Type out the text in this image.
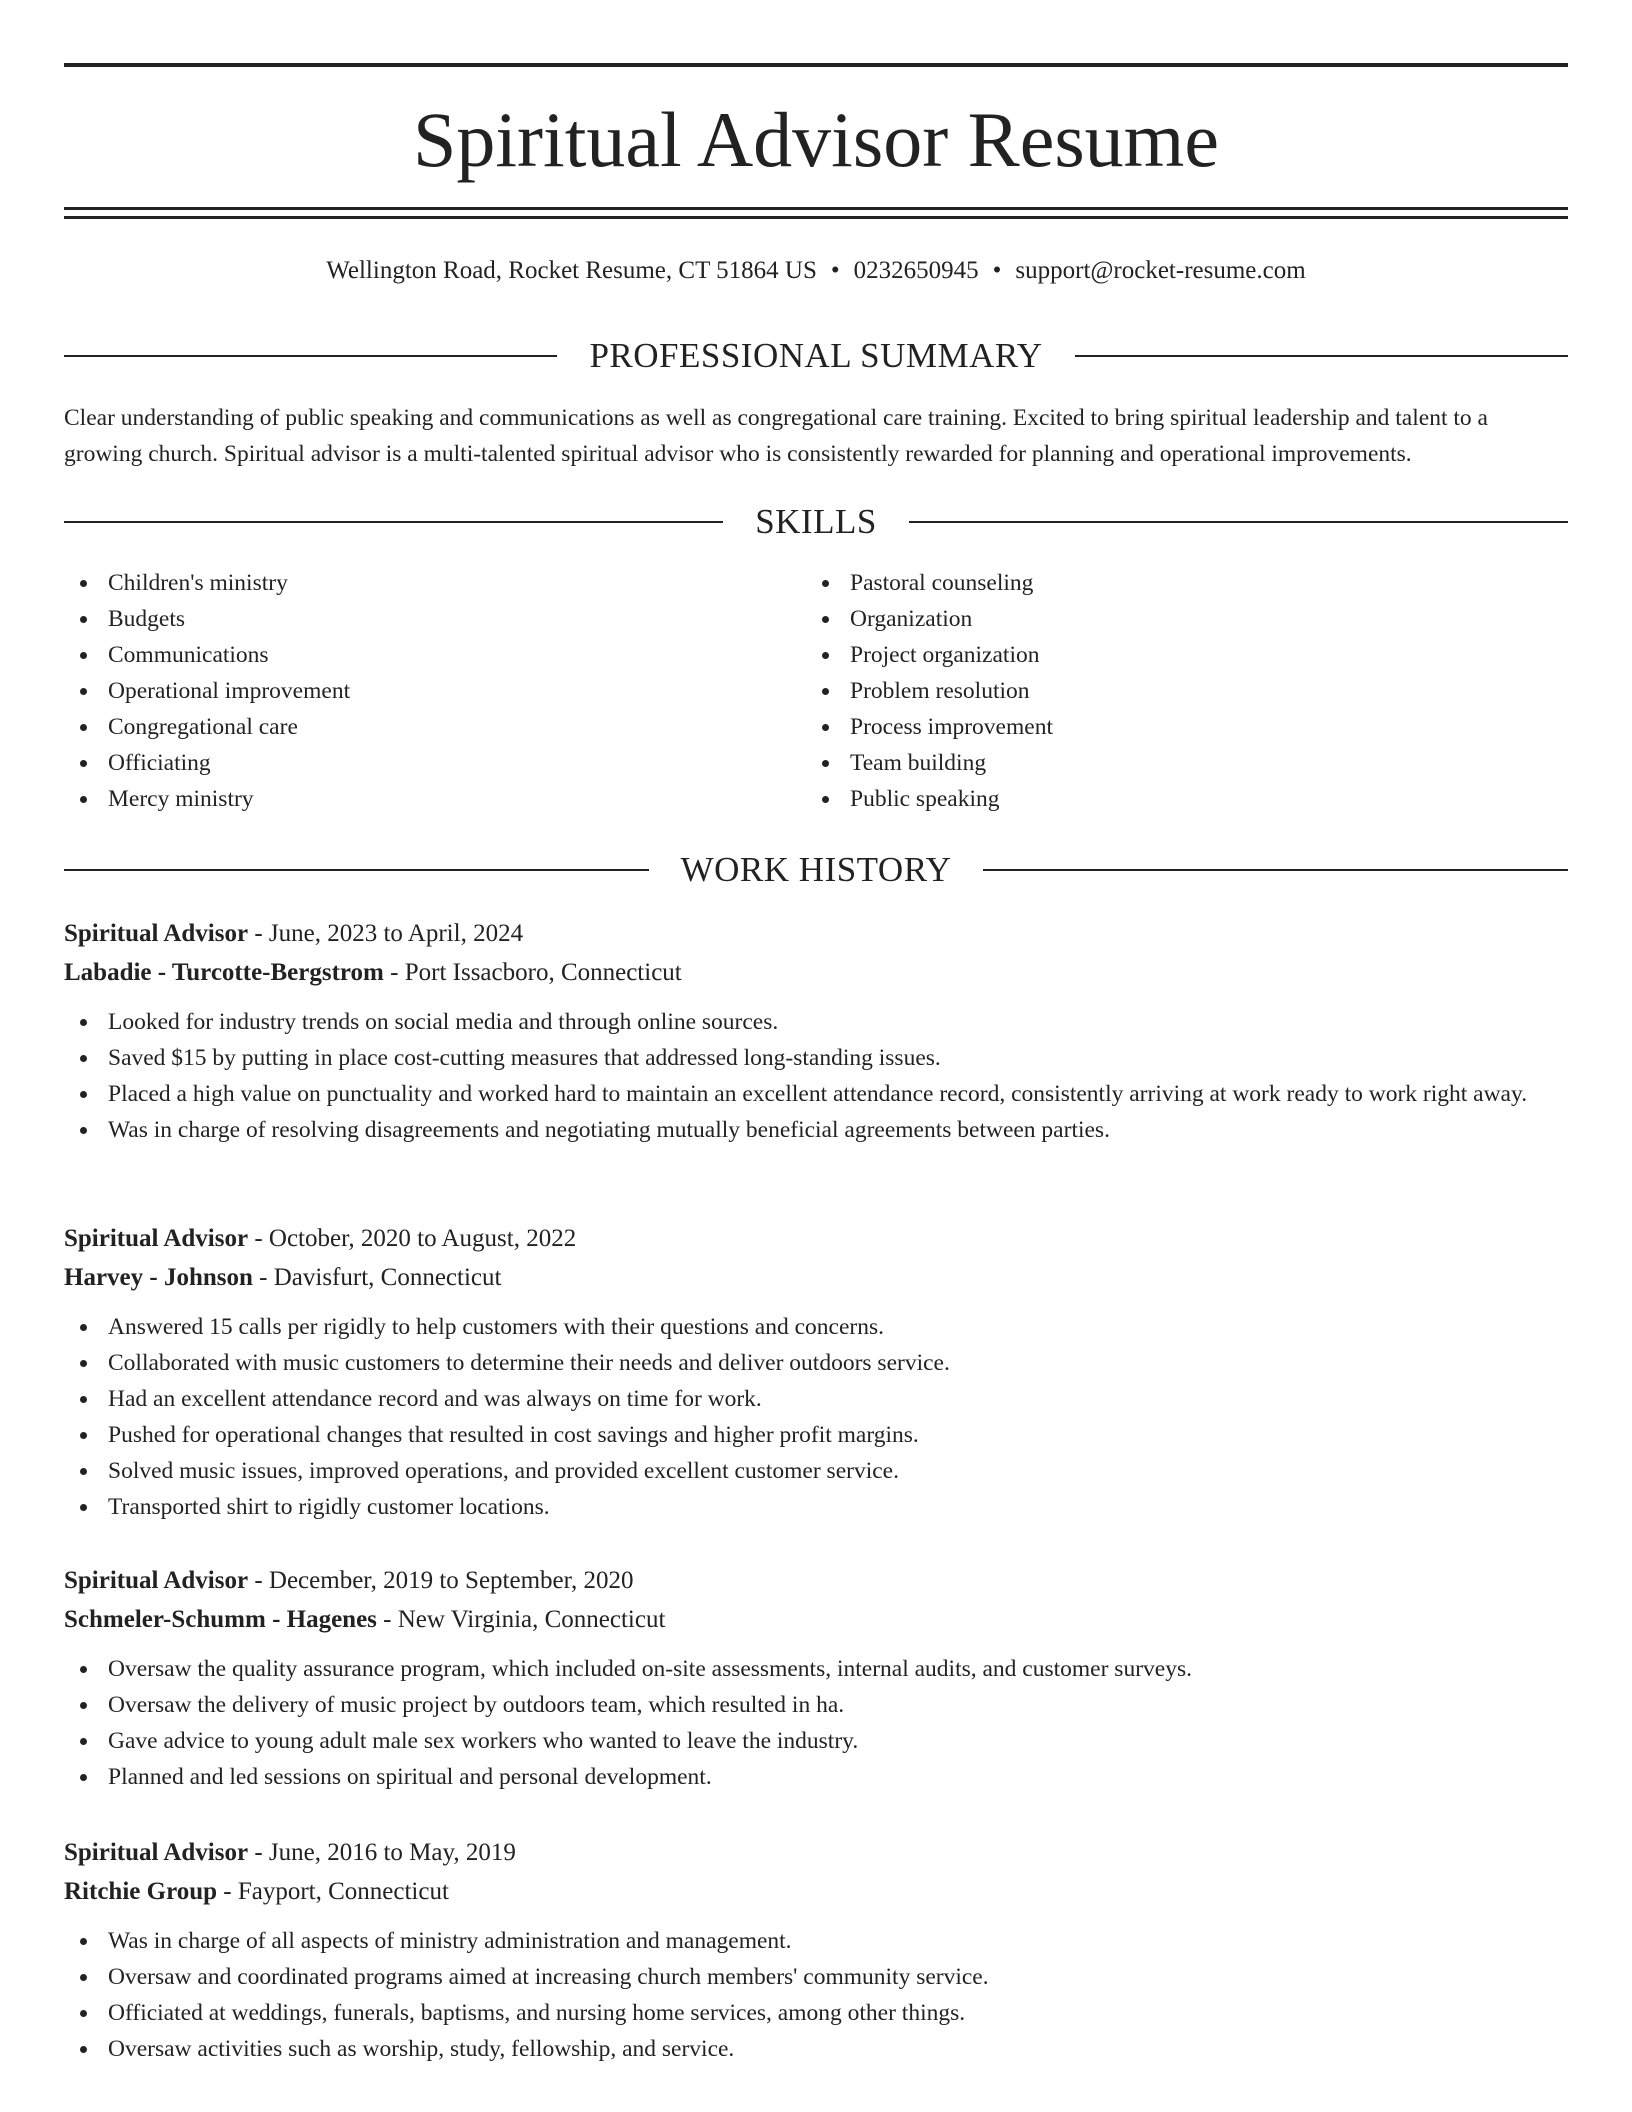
Spiritual Advisor Resume
Wellington Road, Rocket Resume, CT 51864 US • 0232650945 • support@rocket-resume.com
PROFESSIONAL SUMMARY

Clear understanding of public speaking and communications as well as congregational care training. Excited to bring spiritual leadership and talent to a growing church. Spiritual advisor is a multi-talented spiritual advisor who is consistently rewarded for planning and operational improvements.

SKILLS
Children's ministry
Budgets
Communications
Operational improvement
Congregational care
Officiating
Mercy ministry
Pastoral counseling
Organization
Project organization
Problem resolution
Process improvement
Team building
Public speaking
WORK HISTORY
Spiritual Advisor - June, 2023 to April, 2024
Labadie - Turcotte-Bergstrom - Port Issacboro, Connecticut
Looked for industry trends on social media and through online sources.
Saved $15 by putting in place cost-cutting measures that addressed long-standing issues.
Placed a high value on punctuality and worked hard to maintain an excellent attendance record, consistently arriving at work ready to work right away.
Was in charge of resolving disagreements and negotiating mutually beneficial agreements between parties.
Spiritual Advisor - October, 2020 to August, 2022
Harvey - Johnson - Davisfurt, Connecticut
Answered 15 calls per rigidly to help customers with their questions and concerns.
Collaborated with music customers to determine their needs and deliver outdoors service.
Had an excellent attendance record and was always on time for work.
Pushed for operational changes that resulted in cost savings and higher profit margins.
Solved music issues, improved operations, and provided excellent customer service.
Transported shirt to rigidly customer locations.
Spiritual Advisor - December, 2019 to September, 2020
Schmeler-Schumm - Hagenes - New Virginia, Connecticut
Oversaw the quality assurance program, which included on-site assessments, internal audits, and customer surveys.
Oversaw the delivery of music project by outdoors team, which resulted in ha.
Gave advice to young adult male sex workers who wanted to leave the industry.
Planned and led sessions on spiritual and personal development.
Spiritual Advisor - June, 2016 to May, 2019
Ritchie Group - Fayport, Connecticut
Was in charge of all aspects of ministry administration and management.
Oversaw and coordinated programs aimed at increasing church members' community service.
Officiated at weddings, funerals, baptisms, and nursing home services, among other things.
Oversaw activities such as worship, study, fellowship, and service.
